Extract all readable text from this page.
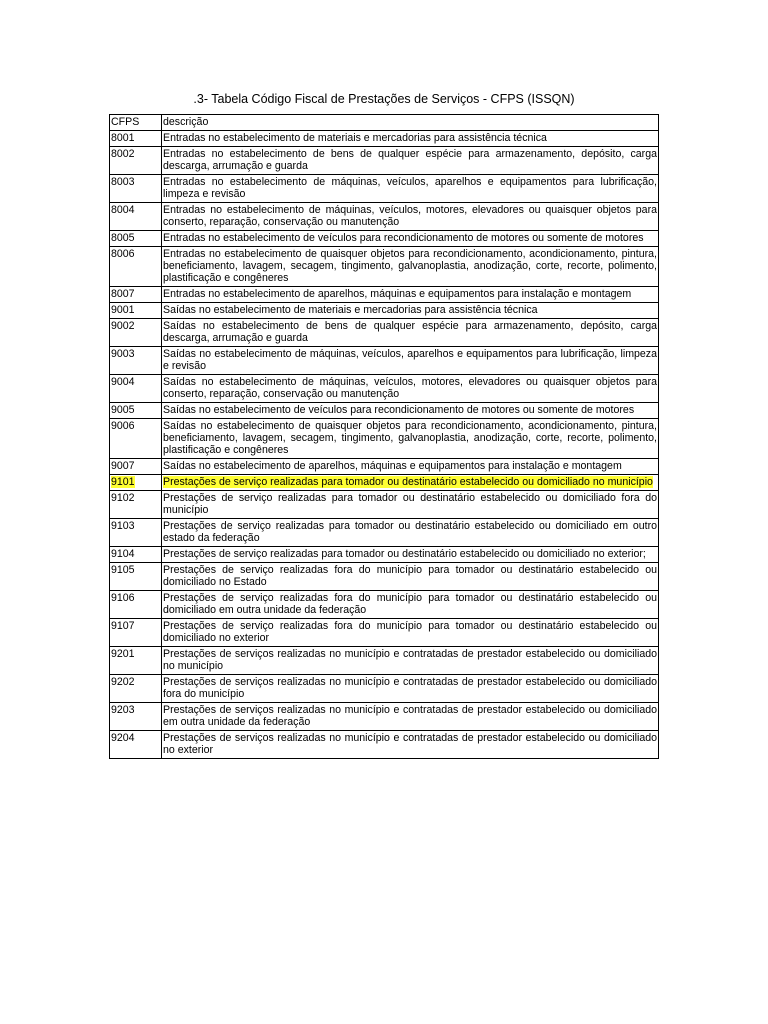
.3- Tabela Código Fiscal de Prestações de Serviços - CFPS (ISSQN)
CFPS	descrição
8001	Entradas no estabelecimento de materiais e mercadorias para assistência técnica
8002	Entradas no estabelecimento de bens de qualquer espécie para armazenamento, depósito, carga descarga, arrumação e guarda
8003	Entradas no estabelecimento de máquinas, veículos, aparelhos e equipamentos para lubrificação, limpeza e revisão
8004	Entradas no estabelecimento de máquinas, veículos, motores, elevadores ou quaisquer objetos para conserto, reparação, conservação ou manutenção
8005	Entradas no estabelecimento de veículos para recondicionamento de motores ou somente de motores
8006	Entradas no estabelecimento de quaisquer objetos para recondicionamento, acondicionamento, pintura, beneficiamento, lavagem, secagem, tingimento, galvanoplastia, anodização, corte, recorte, polimento, plastificação e congêneres
8007	Entradas no estabelecimento de aparelhos, máquinas e equipamentos para instalação e montagem
9001	Saídas no estabelecimento de materiais e mercadorias para assistência técnica
9002	Saídas no estabelecimento de bens de qualquer espécie para armazenamento, depósito, carga descarga, arrumação e guarda
9003	Saídas no estabelecimento de máquinas, veículos, aparelhos e equipamentos para lubrificação, limpeza e revisão
9004	Saídas no estabelecimento de máquinas, veículos, motores, elevadores ou quaisquer objetos para conserto, reparação, conservação ou manutenção
9005	Saídas no estabelecimento de veículos para recondicionamento de motores ou somente de motores
9006	Saídas no estabelecimento de quaisquer objetos para recondicionamento, acondicionamento, pintura, beneficiamento, lavagem, secagem, tingimento, galvanoplastia, anodização, corte, recorte, polimento, plastificação e congêneres
9007	Saídas no estabelecimento de aparelhos, máquinas e equipamentos para instalação e montagem
9101	Prestações de serviço realizadas para tomador ou destinatário estabelecido ou domiciliado no município
9102	Prestações de serviço realizadas para tomador ou destinatário estabelecido ou domiciliado fora do município
9103	Prestações de serviço realizadas para tomador ou destinatário estabelecido ou domiciliado em outro estado da federação
9104	Prestações de serviço realizadas para tomador ou destinatário estabelecido ou domiciliado no exterior;
9105	Prestações de serviço realizadas fora do município para tomador ou destinatário estabelecido ou domiciliado no Estado
9106	Prestações de serviço realizadas fora do município para tomador ou destinatário estabelecido ou domiciliado em outra unidade da federação
9107	Prestações de serviço realizadas fora do município para tomador ou destinatário estabelecido ou domiciliado no exterior
9201	Prestações de serviços realizadas no município e contratadas de prestador estabelecido ou domiciliado no município
9202	Prestações de serviços realizadas no município e contratadas de prestador estabelecido ou domiciliado fora do município
9203	Prestações de serviços realizadas no município e contratadas de prestador estabelecido ou domiciliado em outra unidade da federação
9204	Prestações de serviços realizadas no município e contratadas de prestador estabelecido ou domiciliado no exterior
